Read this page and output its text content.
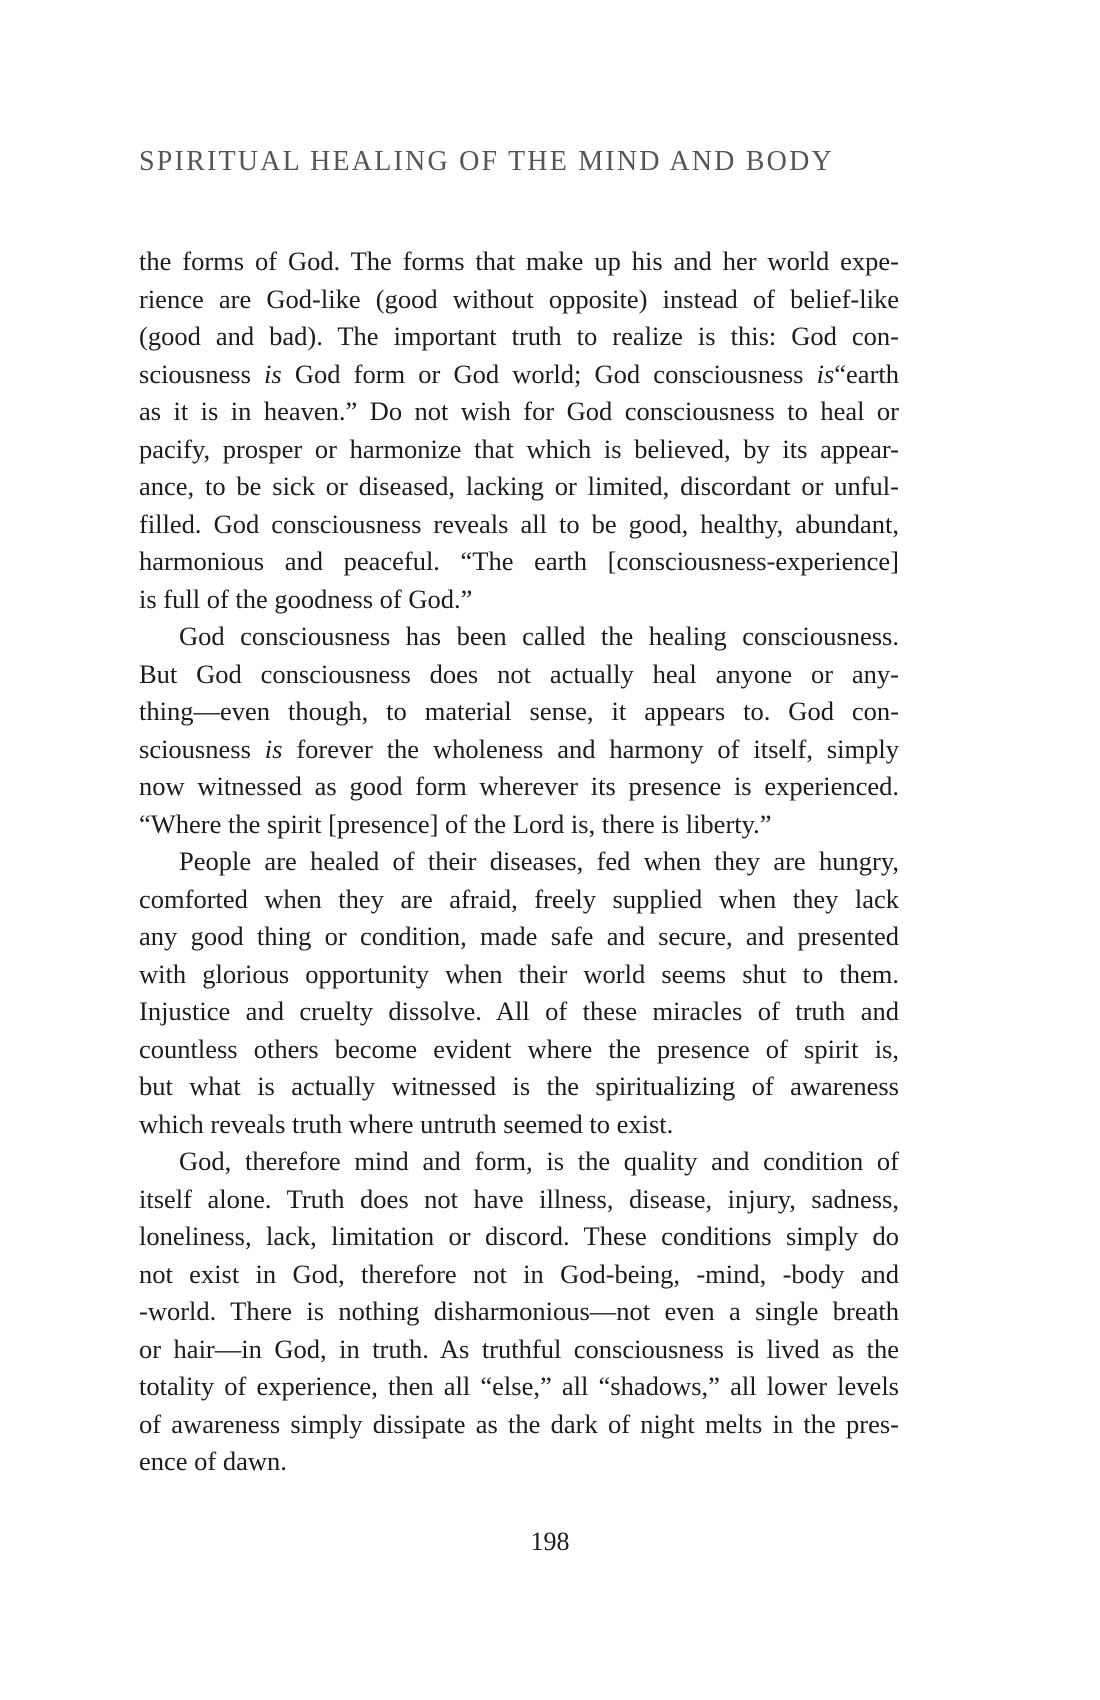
SPIRITUAL HEALING OF THE MIND AND BODY
the forms of God. The forms that make up his and her world expe-
rience are God-like (good without opposite) instead of belief-like
(good and bad). The important truth to realize is this: God con-
sciousness is God form or God world; God consciousness is“earth
as it is in heaven.” Do not wish for God consciousness to heal or
pacify, prosper or harmonize that which is believed, by its appear-
ance, to be sick or diseased, lacking or limited, discordant or unful-
filled. God consciousness reveals all to be good, healthy, abundant,
harmonious and peaceful. “The earth [consciousness-experience]
is full of the goodness of God.”
God consciousness has been called the healing consciousness.
But God consciousness does not actually heal anyone or any-
thing—even though, to material sense, it appears to. God con-
sciousness is forever the wholeness and harmony of itself, simply
now witnessed as good form wherever its presence is experienced.
“Where the spirit [presence] of the Lord is, there is liberty.”
People are healed of their diseases, fed when they are hungry,
comforted when they are afraid, freely supplied when they lack
any good thing or condition, made safe and secure, and presented
with glorious opportunity when their world seems shut to them.
Injustice and cruelty dissolve. All of these miracles of truth and
countless others become evident where the presence of spirit is,
but what is actually witnessed is the spiritualizing of awareness
which reveals truth where untruth seemed to exist.
God, therefore mind and form, is the quality and condition of
itself alone. Truth does not have illness, disease, injury, sadness,
loneliness, lack, limitation or discord. These conditions simply do
not exist in God, therefore not in God-being, -mind, -body and
-world. There is nothing disharmonious—not even a single breath
or hair—in God, in truth. As truthful consciousness is lived as the
totality of experience, then all “else,” all “shadows,” all lower levels
of awareness simply dissipate as the dark of night melts in the pres-
ence of dawn.
198
